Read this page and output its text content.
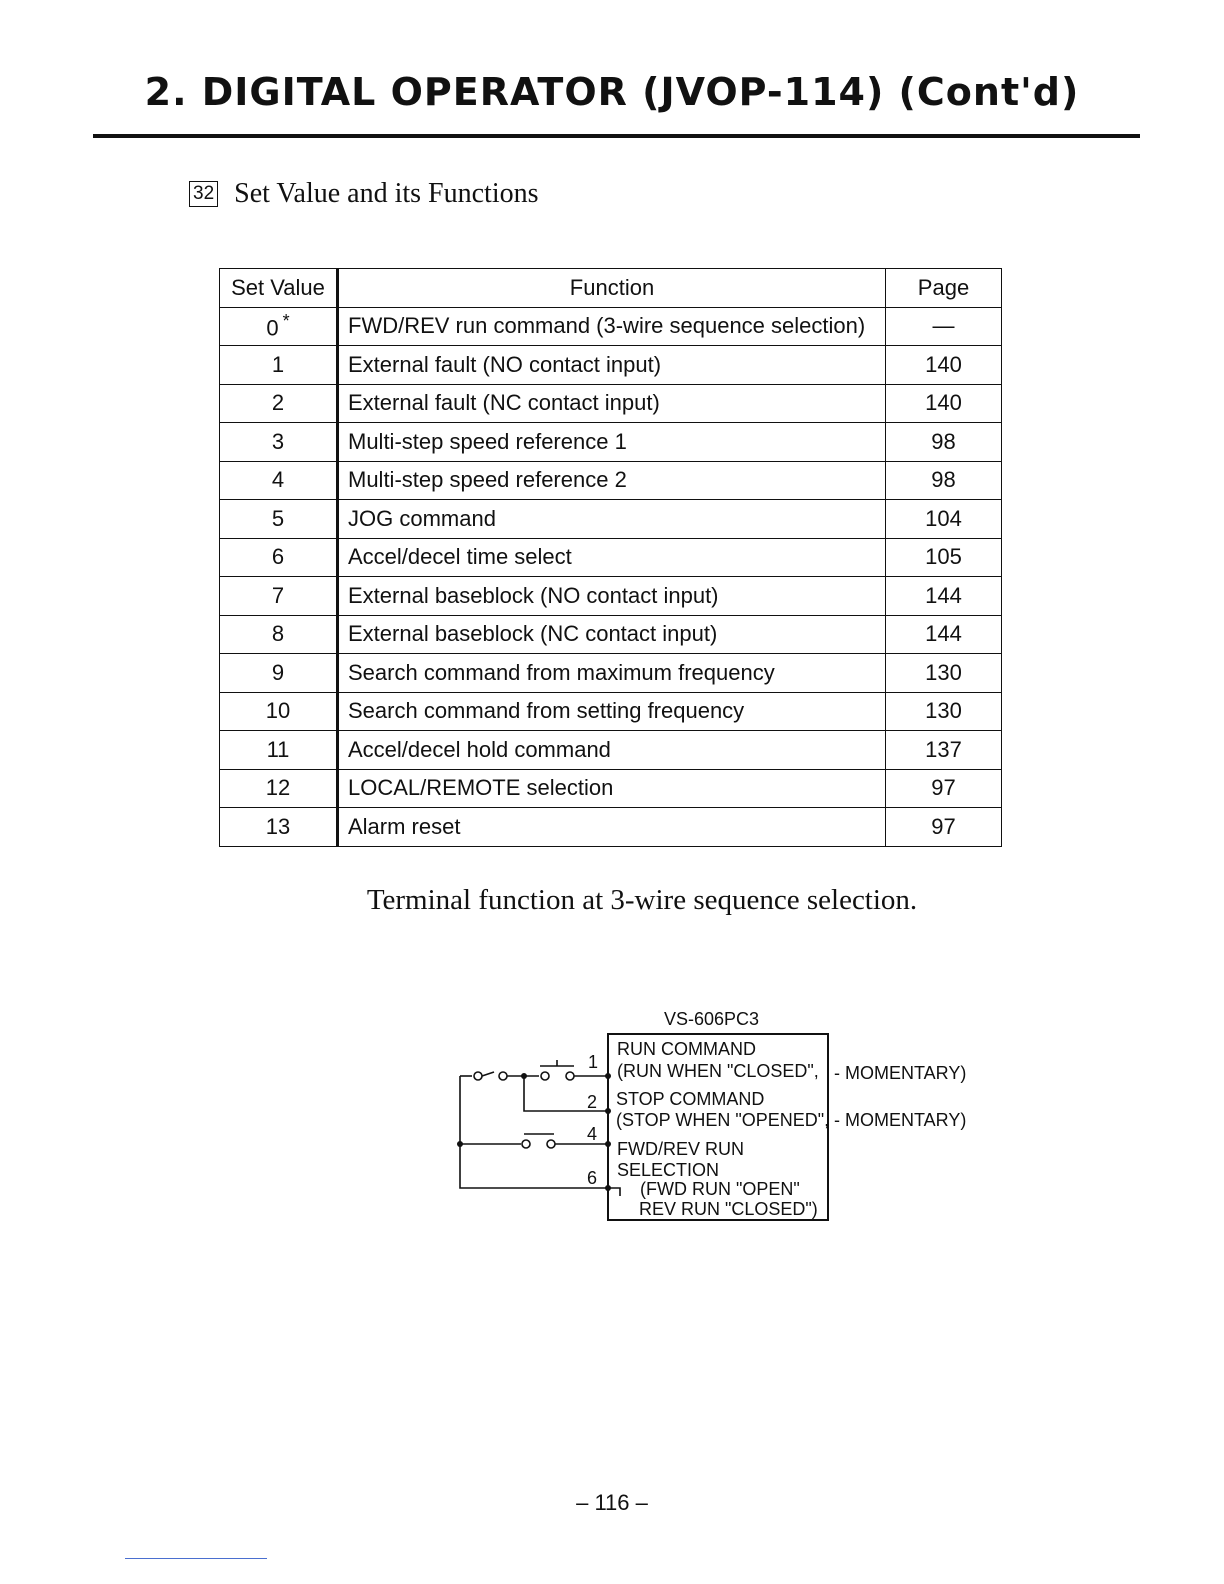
2. DIGITAL OPERATOR (JVOP-114) (Cont'd)
32 Set Value and its Functions
Set Value	Function	Page
0 *	FWD/REV run command (3-wire sequence selection)	—
1	External fault (NO contact input)	140
2	External fault (NC contact input)	140
3	Multi-step speed reference 1	98
4	Multi-step speed reference 2	98
5	JOG command	104
6	Accel/decel time select	105
7	External baseblock (NO contact input)	144
8	External baseblock (NC contact input)	144
9	Search command from maximum frequency	130
10	Search command from setting frequency	130
11	Accel/decel hold command	137
12	LOCAL/REMOTE selection	97
13	Alarm reset	97
Terminal function at 3-wire sequence selection.
VS-606PC3
1
2
4
6
RUN COMMAND
(RUN WHEN "CLOSED",
STOP COMMAND
(STOP WHEN "OPENED",
FWD/REV RUN
SELECTION
(FWD RUN "OPEN"
REV RUN "CLOSED")
- MOMENTARY)
- MOMENTARY)
– 116 –
